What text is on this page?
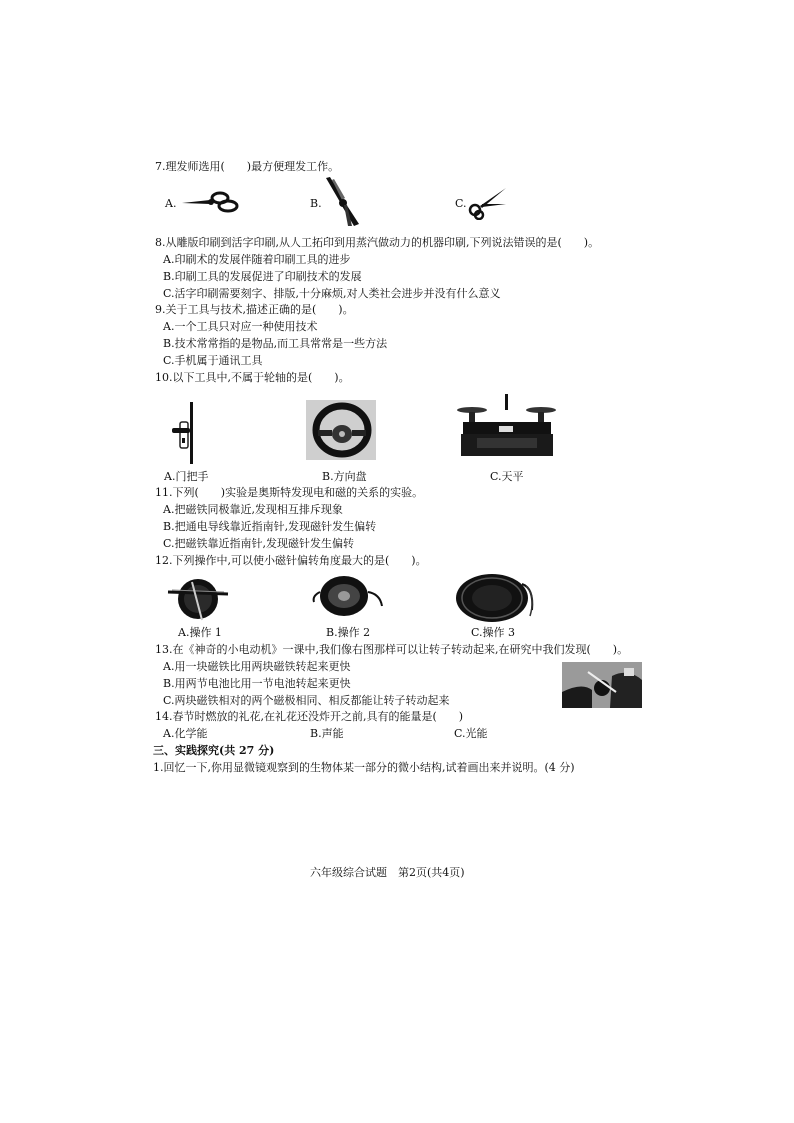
7.理发师选用(　　)最方便理发工作。
A.	B.	C.
8.从雕版印刷到活字印刷,从人工拓印到用蒸汽做动力的机器印刷,下列说法错误的是(　　)。
A.印刷术的发展伴随着印刷工具的进步
B.印刷工具的发展促进了印刷技术的发展
C.活字印刷需要刻字、排版,十分麻烦,对人类社会进步并没有什么意义
9.关于工具与技术,描述正确的是(　　)。
A.一个工具只对应一种使用技术
B.技术常常指的是物品,而工具常常是一些方法
C.手机属于通讯工具
10.以下工具中,不属于轮轴的是(　　)。
A.门把手	B.方向盘	C.天平
11.下列(　　)实验是奥斯特发现电和磁的关系的实验。
A.把磁铁同极靠近,发现相互排斥现象
B.把通电导线靠近指南针,发现磁针发生偏转
C.把磁铁靠近指南针,发现磁针发生偏转
12.下列操作中,可以使小磁针偏转角度最大的是(　　)。
A.操作 1	B.操作 2	C.操作 3
13.在《神奇的小电动机》一课中,我们像右图那样可以让转子转动起来,在研究中我们发现(　　)。
A.用一块磁铁比用两块磁铁转起来更快
B.用两节电池比用一节电池转起来更快
C.两块磁铁相对的两个磁极相同、相反都能让转子转动起来
14.春节时燃放的礼花,在礼花还没炸开之前,具有的能量是(　　)
A.化学能	B.声能	C.光能
三、实践探究(共 27 分)
1.回忆一下,你用显微镜观察到的生物体某一部分的微小结构,试着画出来并说明。(4 分)
六年级综合试题　第2页(共4页)
